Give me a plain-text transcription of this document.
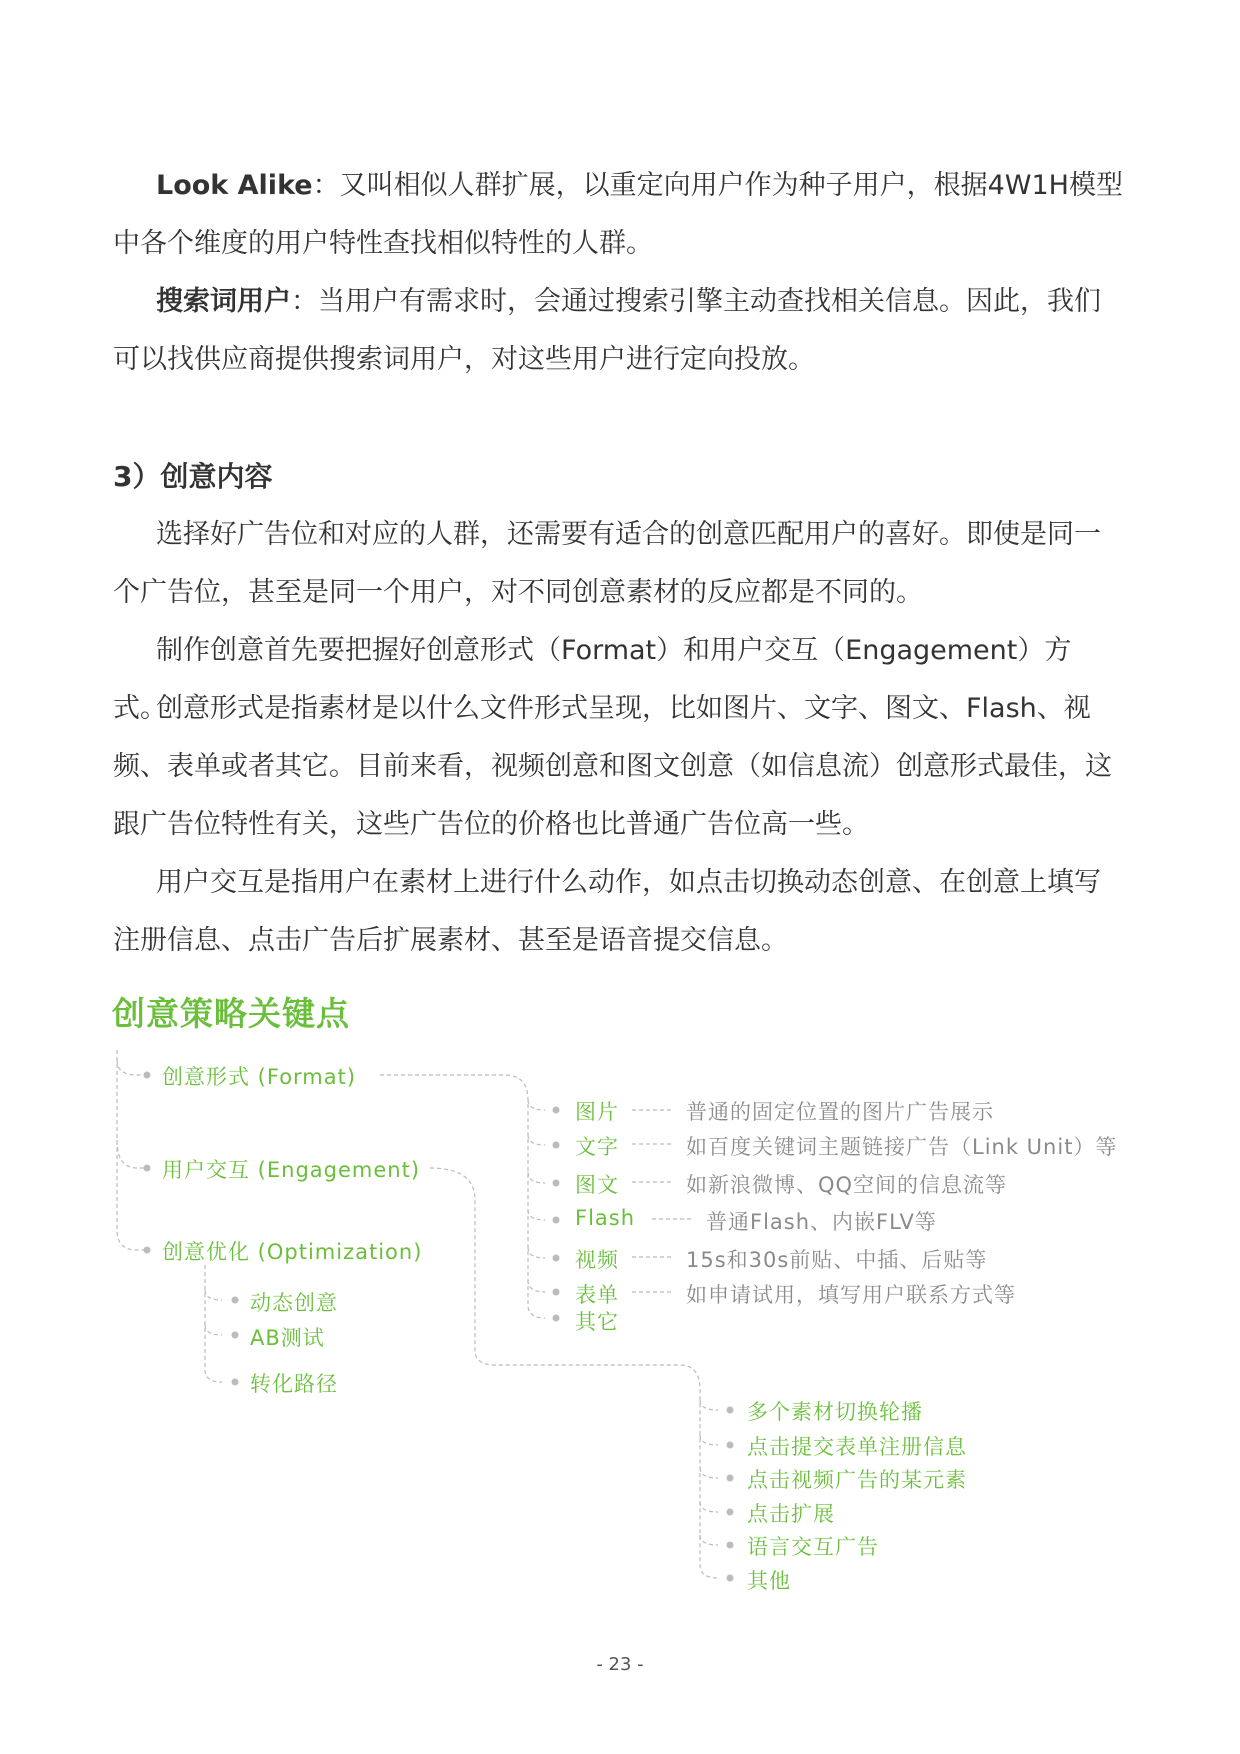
Look Alike：又叫相似人群扩展，以重定向用户作为种子用户，根据4W1H模型中各个维度的用户特性查找相似特性的人群。

搜索词用户：当用户有需求时，会通过搜索引擎主动查找相关信息。因此，我们可以找供应商提供搜索词用户，对这些用户进行定向投放。

3）创意内容

选择好广告位和对应的人群，还需要有适合的创意匹配用户的喜好。即使是同一个广告位，甚至是同一个用户，对不同创意素材的反应都是不同的。

制作创意首先要把握好创意形式（Format）和用户交互（Engagement）方式。

创意形式是指素材是以什么文件形式呈现，比如图片、文字、图文、Flash、视频、表单或者其它。目前来看，视频创意和图文创意（如信息流）创意形式最佳，这跟广告位特性有关，这些广告位的价格也比普通广告位高一些。

用户交互是指用户在素材上进行什么动作，如点击切换动态创意、在创意上填写注册信息、点击广告后扩展素材、甚至是语音提交信息。

创意策略关键点

创意形式 (Format)
用户交互 (Engagement)
创意优化 (Optimization)
图片	普通的固定位置的图片广告展示
文字	如百度关键词主题链接广告（Link Unit）等
图文	如新浪微博、QQ空间的信息流等
Flash	普通Flash、内嵌FLV等
视频	15s和30s前贴、中插、后贴等
表单	如申请试用，填写用户联系方式等
其它
动态创意
AB测试
转化路径
多个素材切换轮播
点击提交表单注册信息
点击视频广告的某元素
点击扩展
语言交互广告
其他
- 23 -
